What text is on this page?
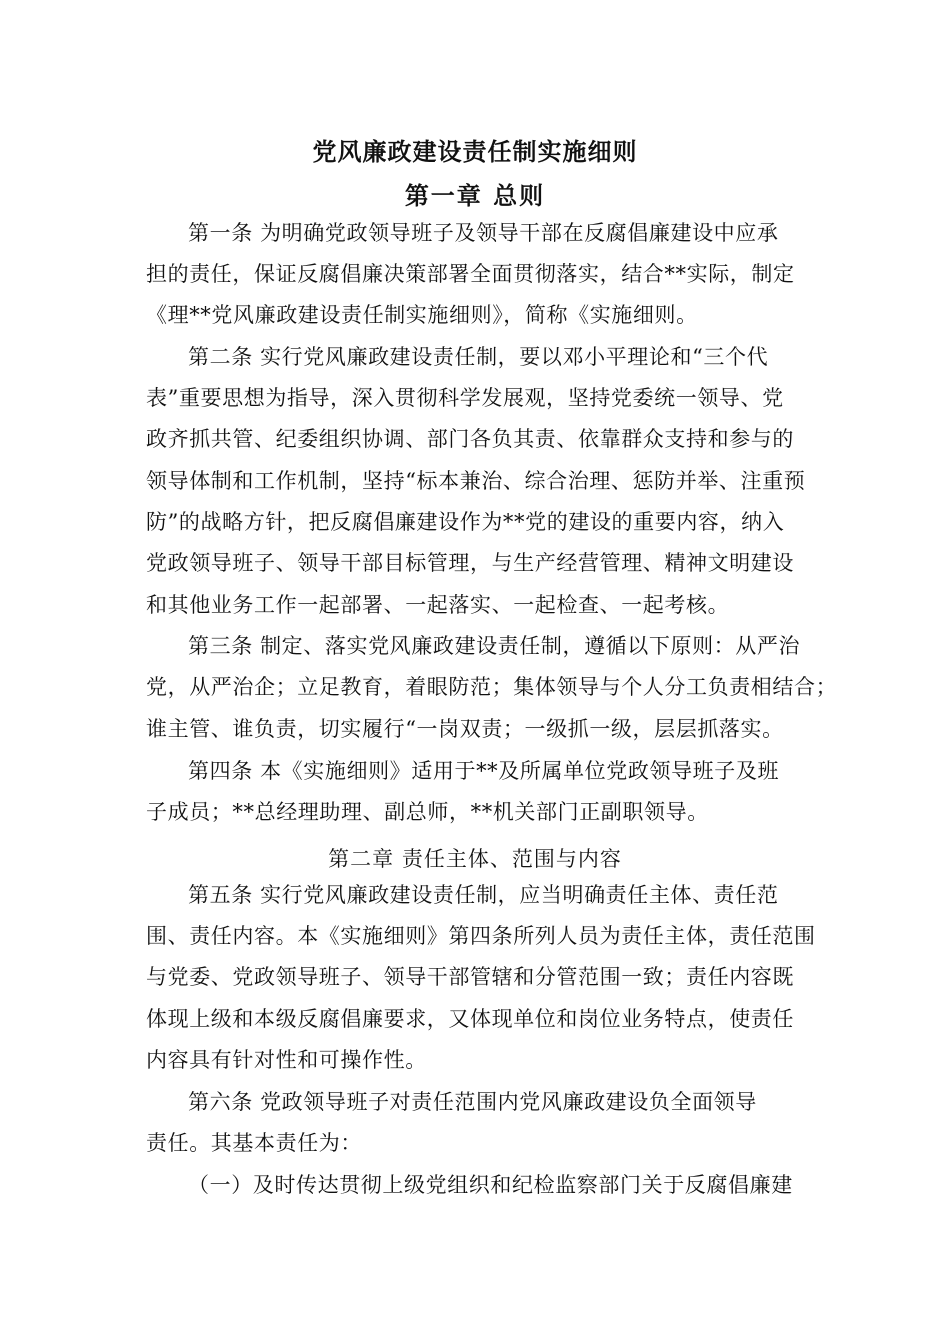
党风廉政建设责任制实施细则
第一章 总则
第一条 为明确党政领导班子及领导干部在反腐倡廉建设中应承
担的责任，保证反腐倡廉决策部署全面贯彻落实，结合**实际，制定
《理**党风廉政建设责任制实施细则》，简称《实施细则。
第二条 实行党风廉政建设责任制，要以邓小平理论和“三个代
表”重要思想为指导，深入贯彻科学发展观，坚持党委统一领导、党
政齐抓共管、纪委组织协调、部门各负其责、依靠群众支持和参与的
领导体制和工作机制，坚持“标本兼治、综合治理、惩防并举、注重预
防”的战略方针，把反腐倡廉建设作为**党的建设的重要内容，纳入
党政领导班子、领导干部目标管理，与生产经营管理、精神文明建设
和其他业务工作一起部署、一起落实、一起检查、一起考核。
第三条 制定、落实党风廉政建设责任制，遵循以下原则：从严治
党，从严治企；立足教育，着眼防范；集体领导与个人分工负责相结合；
谁主管、谁负责，切实履行“一岗双责；一级抓一级，层层抓落实。
第四条 本《实施细则》适用于**及所属单位党政领导班子及班
子成员；**总经理助理、副总师，**机关部门正副职领导。
第二章 责任主体、范围与内容
第五条 实行党风廉政建设责任制，应当明确责任主体、责任范
围、责任内容。本《实施细则》第四条所列人员为责任主体，责任范围
与党委、党政领导班子、领导干部管辖和分管范围一致；责任内容既
体现上级和本级反腐倡廉要求，又体现单位和岗位业务特点，使责任
内容具有针对性和可操作性。
第六条 党政领导班子对责任范围内党风廉政建设负全面领导
责任。其基本责任为：
（一）及时传达贯彻上级党组织和纪检监察部门关于反腐倡廉建
